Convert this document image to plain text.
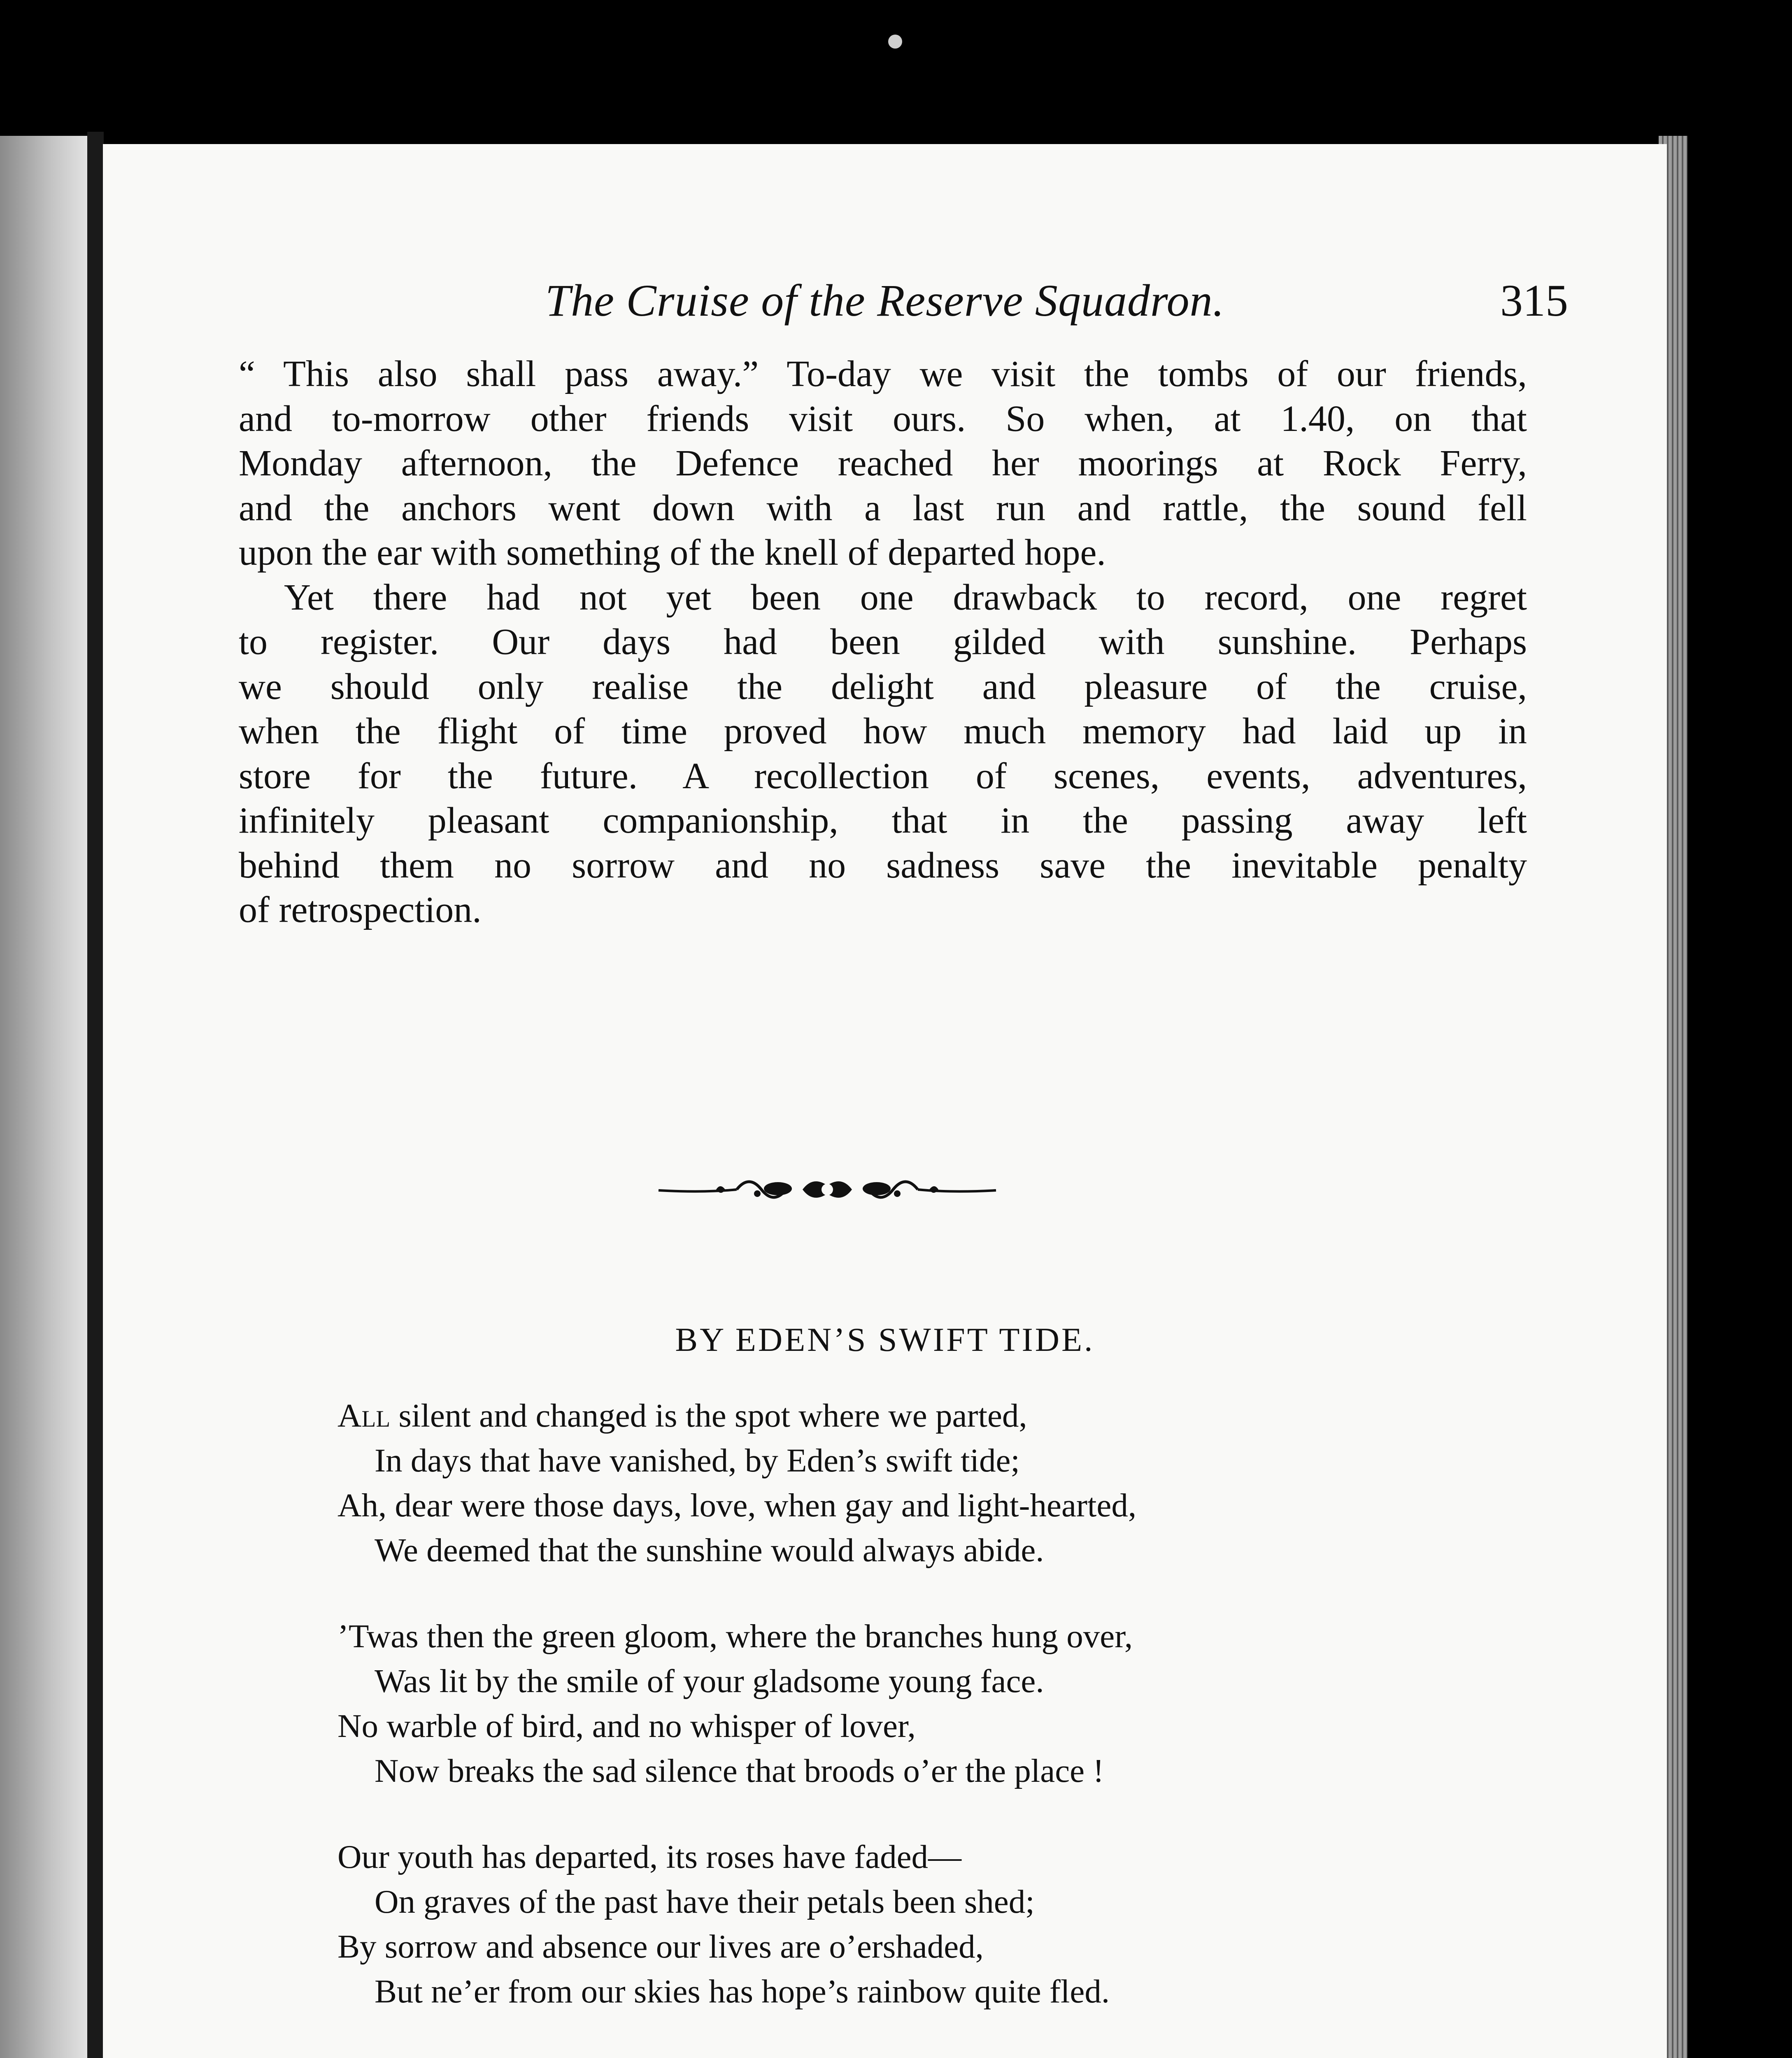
The Cruise of the Reserve Squadron.	315

“ This also shall pass away.” To-day we visit the tombs of our friends,

and to-morrow other friends visit ours. So when, at 1.40, on that

Monday afternoon, the Defence reached her moorings at Rock Ferry,

and the anchors went down with a last run and rattle, the sound fell

upon the ear with something of the knell of departed hope.

Yet there had not yet been one drawback to record, one regret

to register. Our days had been gilded with sunshine. Perhaps

we should only realise the delight and pleasure of the cruise,

when the flight of time proved how much memory had laid up in

store for the future. A recollection of scenes, events, adventures,

infinitely pleasant companionship, that in the passing away left

behind them no sorrow and no sadness save the inevitable penalty

of retrospection.

BY EDEN’S SWIFT TIDE.
All silent and changed is the spot where we parted,
In days that have vanished, by Eden’s swift tide;
Ah, dear were those days, love, when gay and light-hearted,
We deemed that the sunshine would always abide.
’Twas then the green gloom, where the branches hung over,
Was lit by the smile of your gladsome young face.
No warble of bird, and no whisper of lover,
Now breaks the sad silence that broods o’er the place !
Our youth has departed, its roses have faded—
On graves of the past have their petals been shed;
By sorrow and absence our lives are o’ershaded,
But ne’er from our skies has hope’s rainbow quite fled.
